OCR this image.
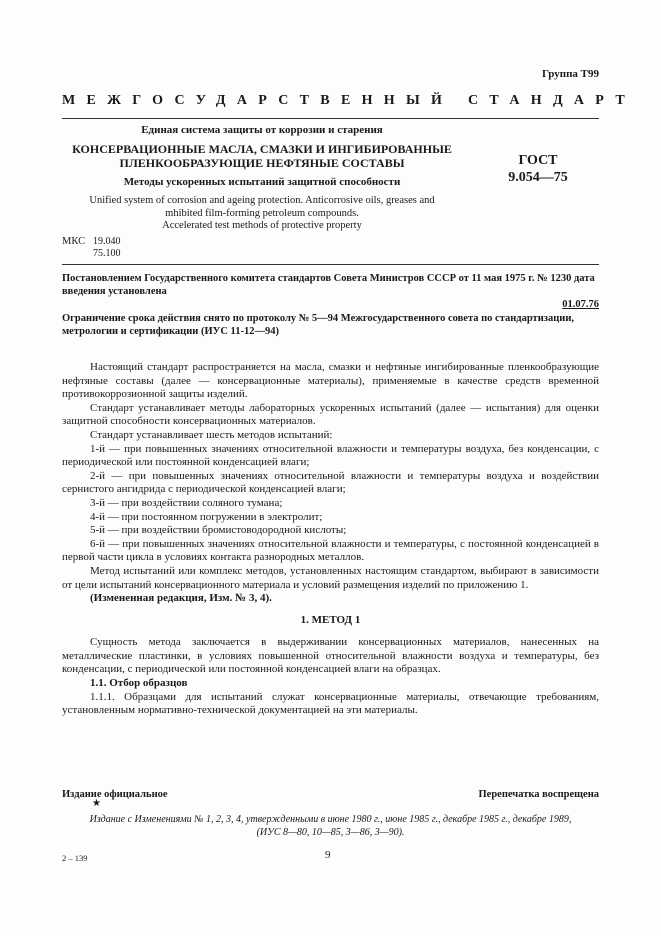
Группа Т99
МЕЖГОСУДАРСТВЕННЫЙ СТАНДАРТ
Единая система защиты от коррозии и старения
КОНСЕРВАЦИОННЫЕ МАСЛА, СМАЗКИ И ИНГИБИРОВАННЫЕ
ПЛЕНКООБРАЗУЮЩИЕ НЕФТЯНЫЕ СОСТАВЫ
Методы ускоренных испытаний защитной способности
ГОСТ
9.054—75
Unified system of corrosion and ageing protection. Anticorrosive oils, greases and
mhibited film-forming petroleum compounds.
Accelerated test methods of protective property
МКС 19.040
75.100
Постановлением Государственного комитета стандартов Совета Министров СССР от 11 мая 1975 г. № 1230 дата введения установлена
01.07.76
Ограничение срока действия снято по протоколу № 5—94 Межгосударственного совета по стандартизации, метрологии и сертификации (ИУС 11-12—94)

Настоящий стандарт распространяется на масла, смазки и нефтяные ингибированные пленкообразующие нефтяные составы (далее — консервационные материалы), применяемые в качестве средств временной противокоррозионной защиты изделий.

Стандарт устанавливает методы лабораторных ускоренных испытаний (далее — испытания) для оценки защитной способности консервационных материалов.

Стандарт устанавливает шесть методов испытаний:

1-й — при повышенных значениях относительной влажности и температуры воздуха, без конденсации, с периодической или постоянной конденсацией влаги;

2-й — при повышенных значениях относительной влажности и температуры воздуха и воздействии сернистого ангидрида с периодической конденсацией влаги;

3-й — при воздействии соляного тумана;

4-й — при постоянном погружении в электролит;

5-й — при воздействии бромистоводородной кислоты;

6-й — при повышенных значениях относительной влажности и температуры, с постоянной конденсацией в первой части цикла в условиях контакта разнородных металлов.

Метод испытаний или комплекс методов, установленных настоящим стандартом, выбирают в зависимости от цели испытаний консервационного материала и условий размещения изделий по приложению 1.

(Измененная редакция, Изм. № 3, 4).

1. МЕТОД 1

Сущность метода заключается в выдерживании консервационных материалов, нанесенных на металлические пластинки, в условиях повышенной относительной влажности воздуха и температуры, без конденсации, с периодической или постоянной конденсацией влаги на образцах.

1.1. Отбор образцов

1.1.1. Образцами для испытаний служат консервационные материалы, отвечающие требованиям, установленным нормативно-технической документацией на эти материалы.

Издание официальное	Перепечатка воспрещена
★
Издание с Изменениями № 1, 2, 3, 4, утвержденными в июне 1980 г., июне 1985 г., декабре 1985 г., декабре 1989,
(ИУС 8—80, 10—85, 3—86, 3—90).
2 – 139	9
